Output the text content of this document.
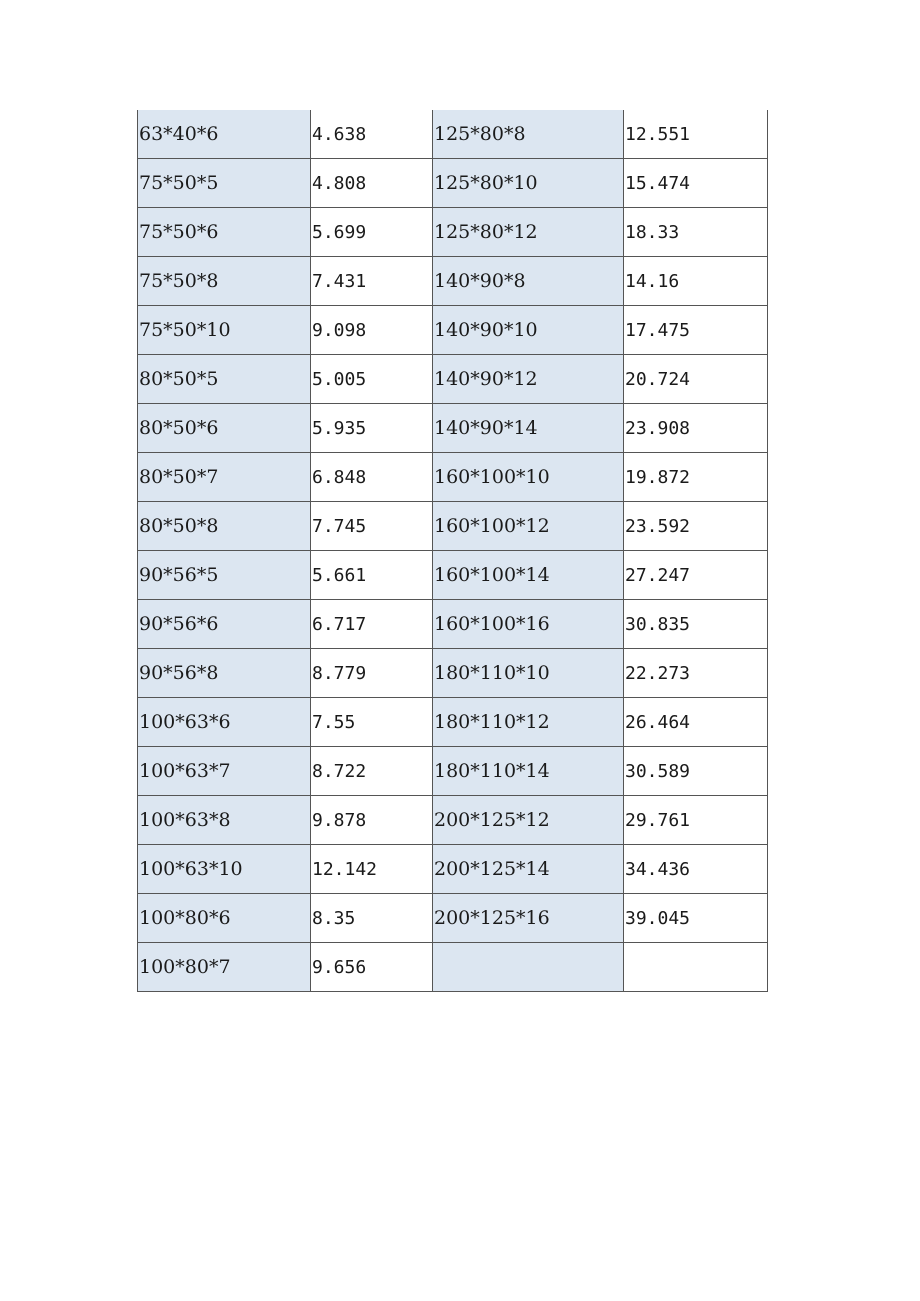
63*40*6	4.638	125*80*8	12.551
75*50*5	4.808	125*80*10	15.474
75*50*6	5.699	125*80*12	18.33
75*50*8	7.431	140*90*8	14.16
75*50*10	9.098	140*90*10	17.475
80*50*5	5.005	140*90*12	20.724
80*50*6	5.935	140*90*14	23.908
80*50*7	6.848	160*100*10	19.872
80*50*8	7.745	160*100*12	23.592
90*56*5	5.661	160*100*14	27.247
90*56*6	6.717	160*100*16	30.835
90*56*8	8.779	180*110*10	22.273
100*63*6	7.55	180*110*12	26.464
100*63*7	8.722	180*110*14	30.589
100*63*8	9.878	200*125*12	29.761
100*63*10	12.142	200*125*14	34.436
100*80*6	8.35	200*125*16	39.045
100*80*7	9.656		
